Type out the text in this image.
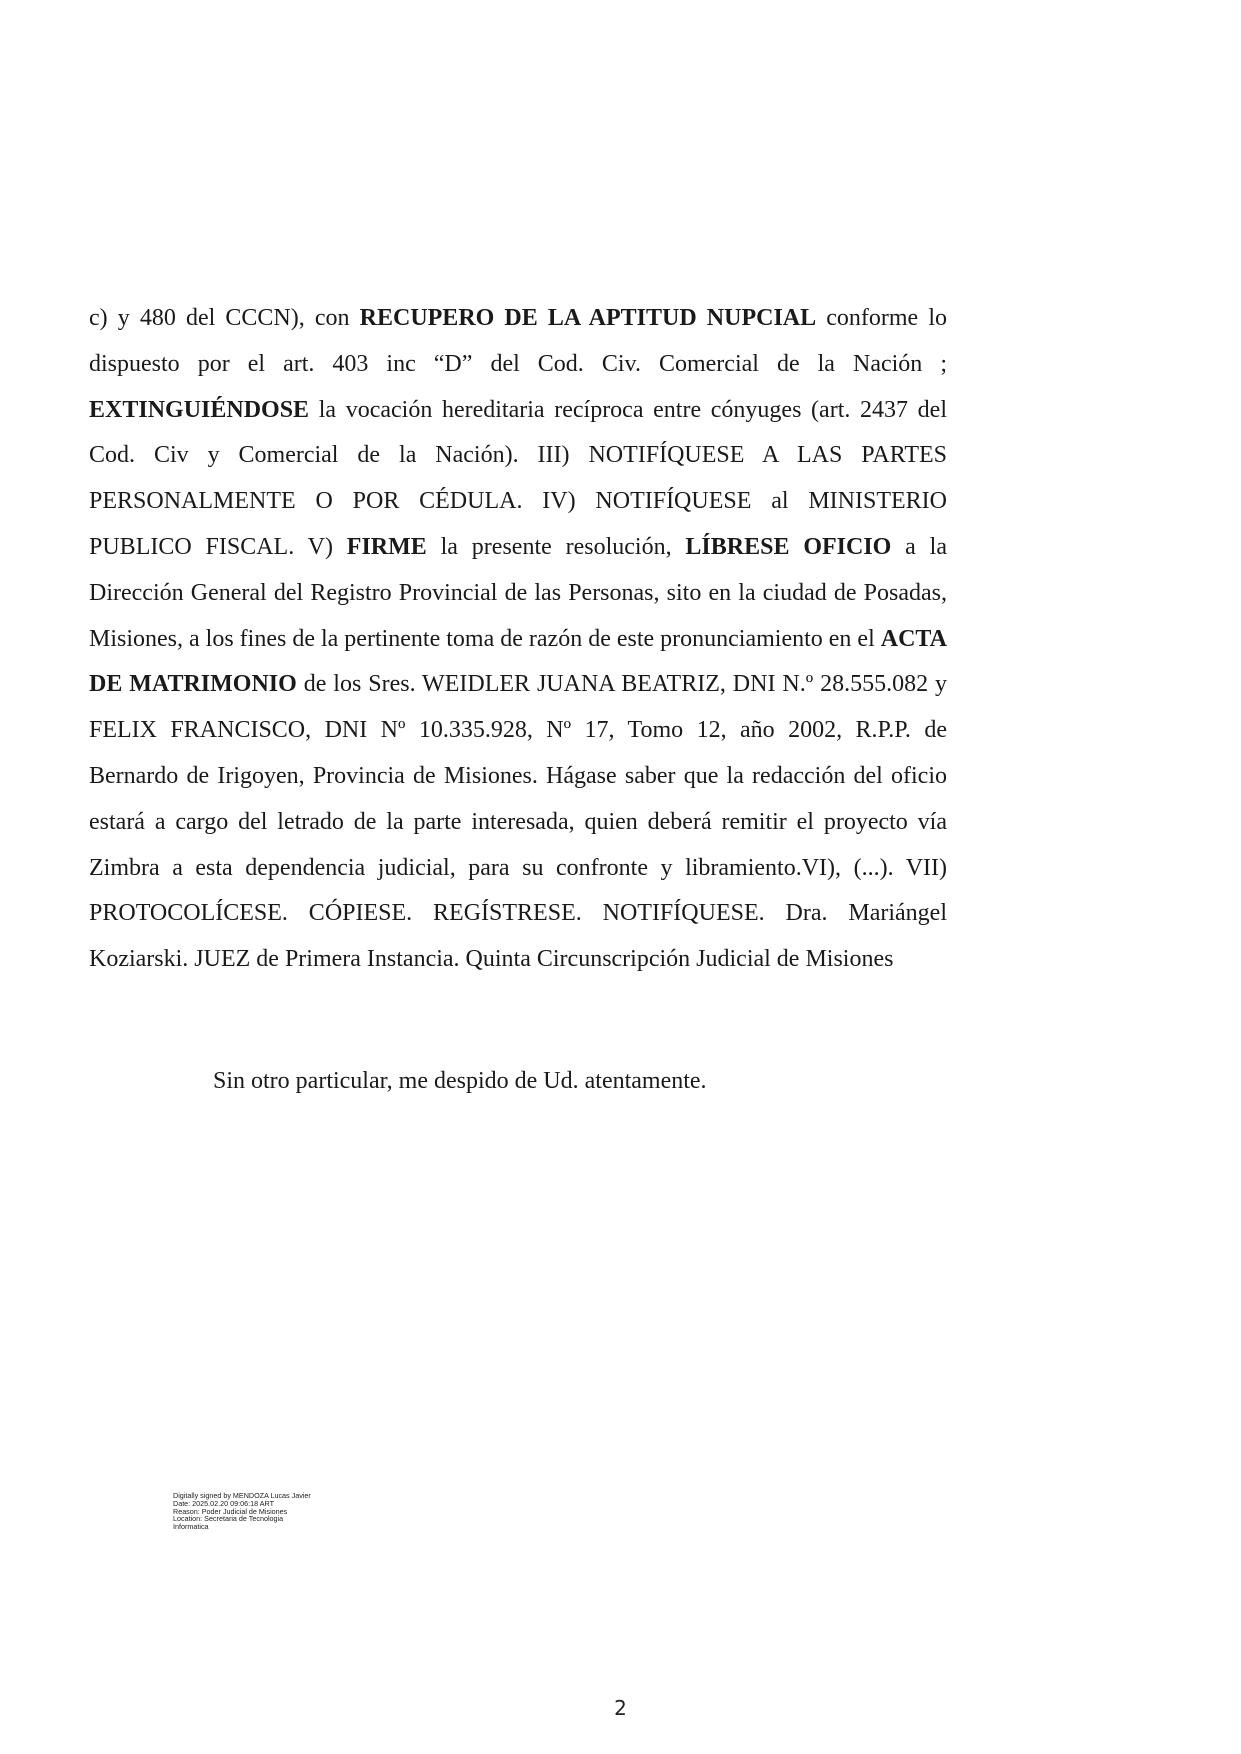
c) y 480 del CCCN), con RECUPERO DE LA APTITUD NUPCIAL conforme lo dispuesto por el art. 403 inc “D” del Cod. Civ. Comercial de la Nación ; EXTINGUIÉNDOSE la vocación hereditaria recíproca entre cónyuges (art. 2437 del Cod. Civ y Comercial de la Nación). III) NOTIFÍQUESE A LAS PARTES PERSONALMENTE O POR CÉDULA. IV) NOTIFÍQUESE al MINISTERIO PUBLICO FISCAL. V) FIRME la presente resolución, LÍBRESE OFICIO a la Dirección General del Registro Provincial de las Personas, sito en la ciudad de Posadas, Misiones, a los fines de la pertinente toma de razón de este pronunciamiento en el ACTA DE MATRIMONIO de los Sres. WEIDLER JUANA BEATRIZ, DNI N.º 28.555.082 y FELIX FRANCISCO, DNI Nº 10.335.928, Nº 17, Tomo 12, año 2002, R.P.P. de Bernardo de Irigoyen, Provincia de Misiones. Hágase saber que la redacción del oficio estará a cargo del letrado de la parte interesada, quien deberá remitir el proyecto vía Zimbra a esta dependencia judicial, para su confronte y libramiento.VI), (...). VII) PROTOCOLÍCESE. CÓPIESE. REGÍSTRESE. NOTIFÍQUESE. Dra. Mariángel Koziarski. JUEZ de Primera Instancia. Quinta Circunscripción Judicial de Misiones

Sin otro particular, me despido de Ud. atentamente.

Digitally signed by MENDOZA Lucas Javier
Date: 2025.02.20 09:06:18 ART
Reason: Poder Judicial de Misiones
Location: Secretaria de Tecnologia
Informatica
2
